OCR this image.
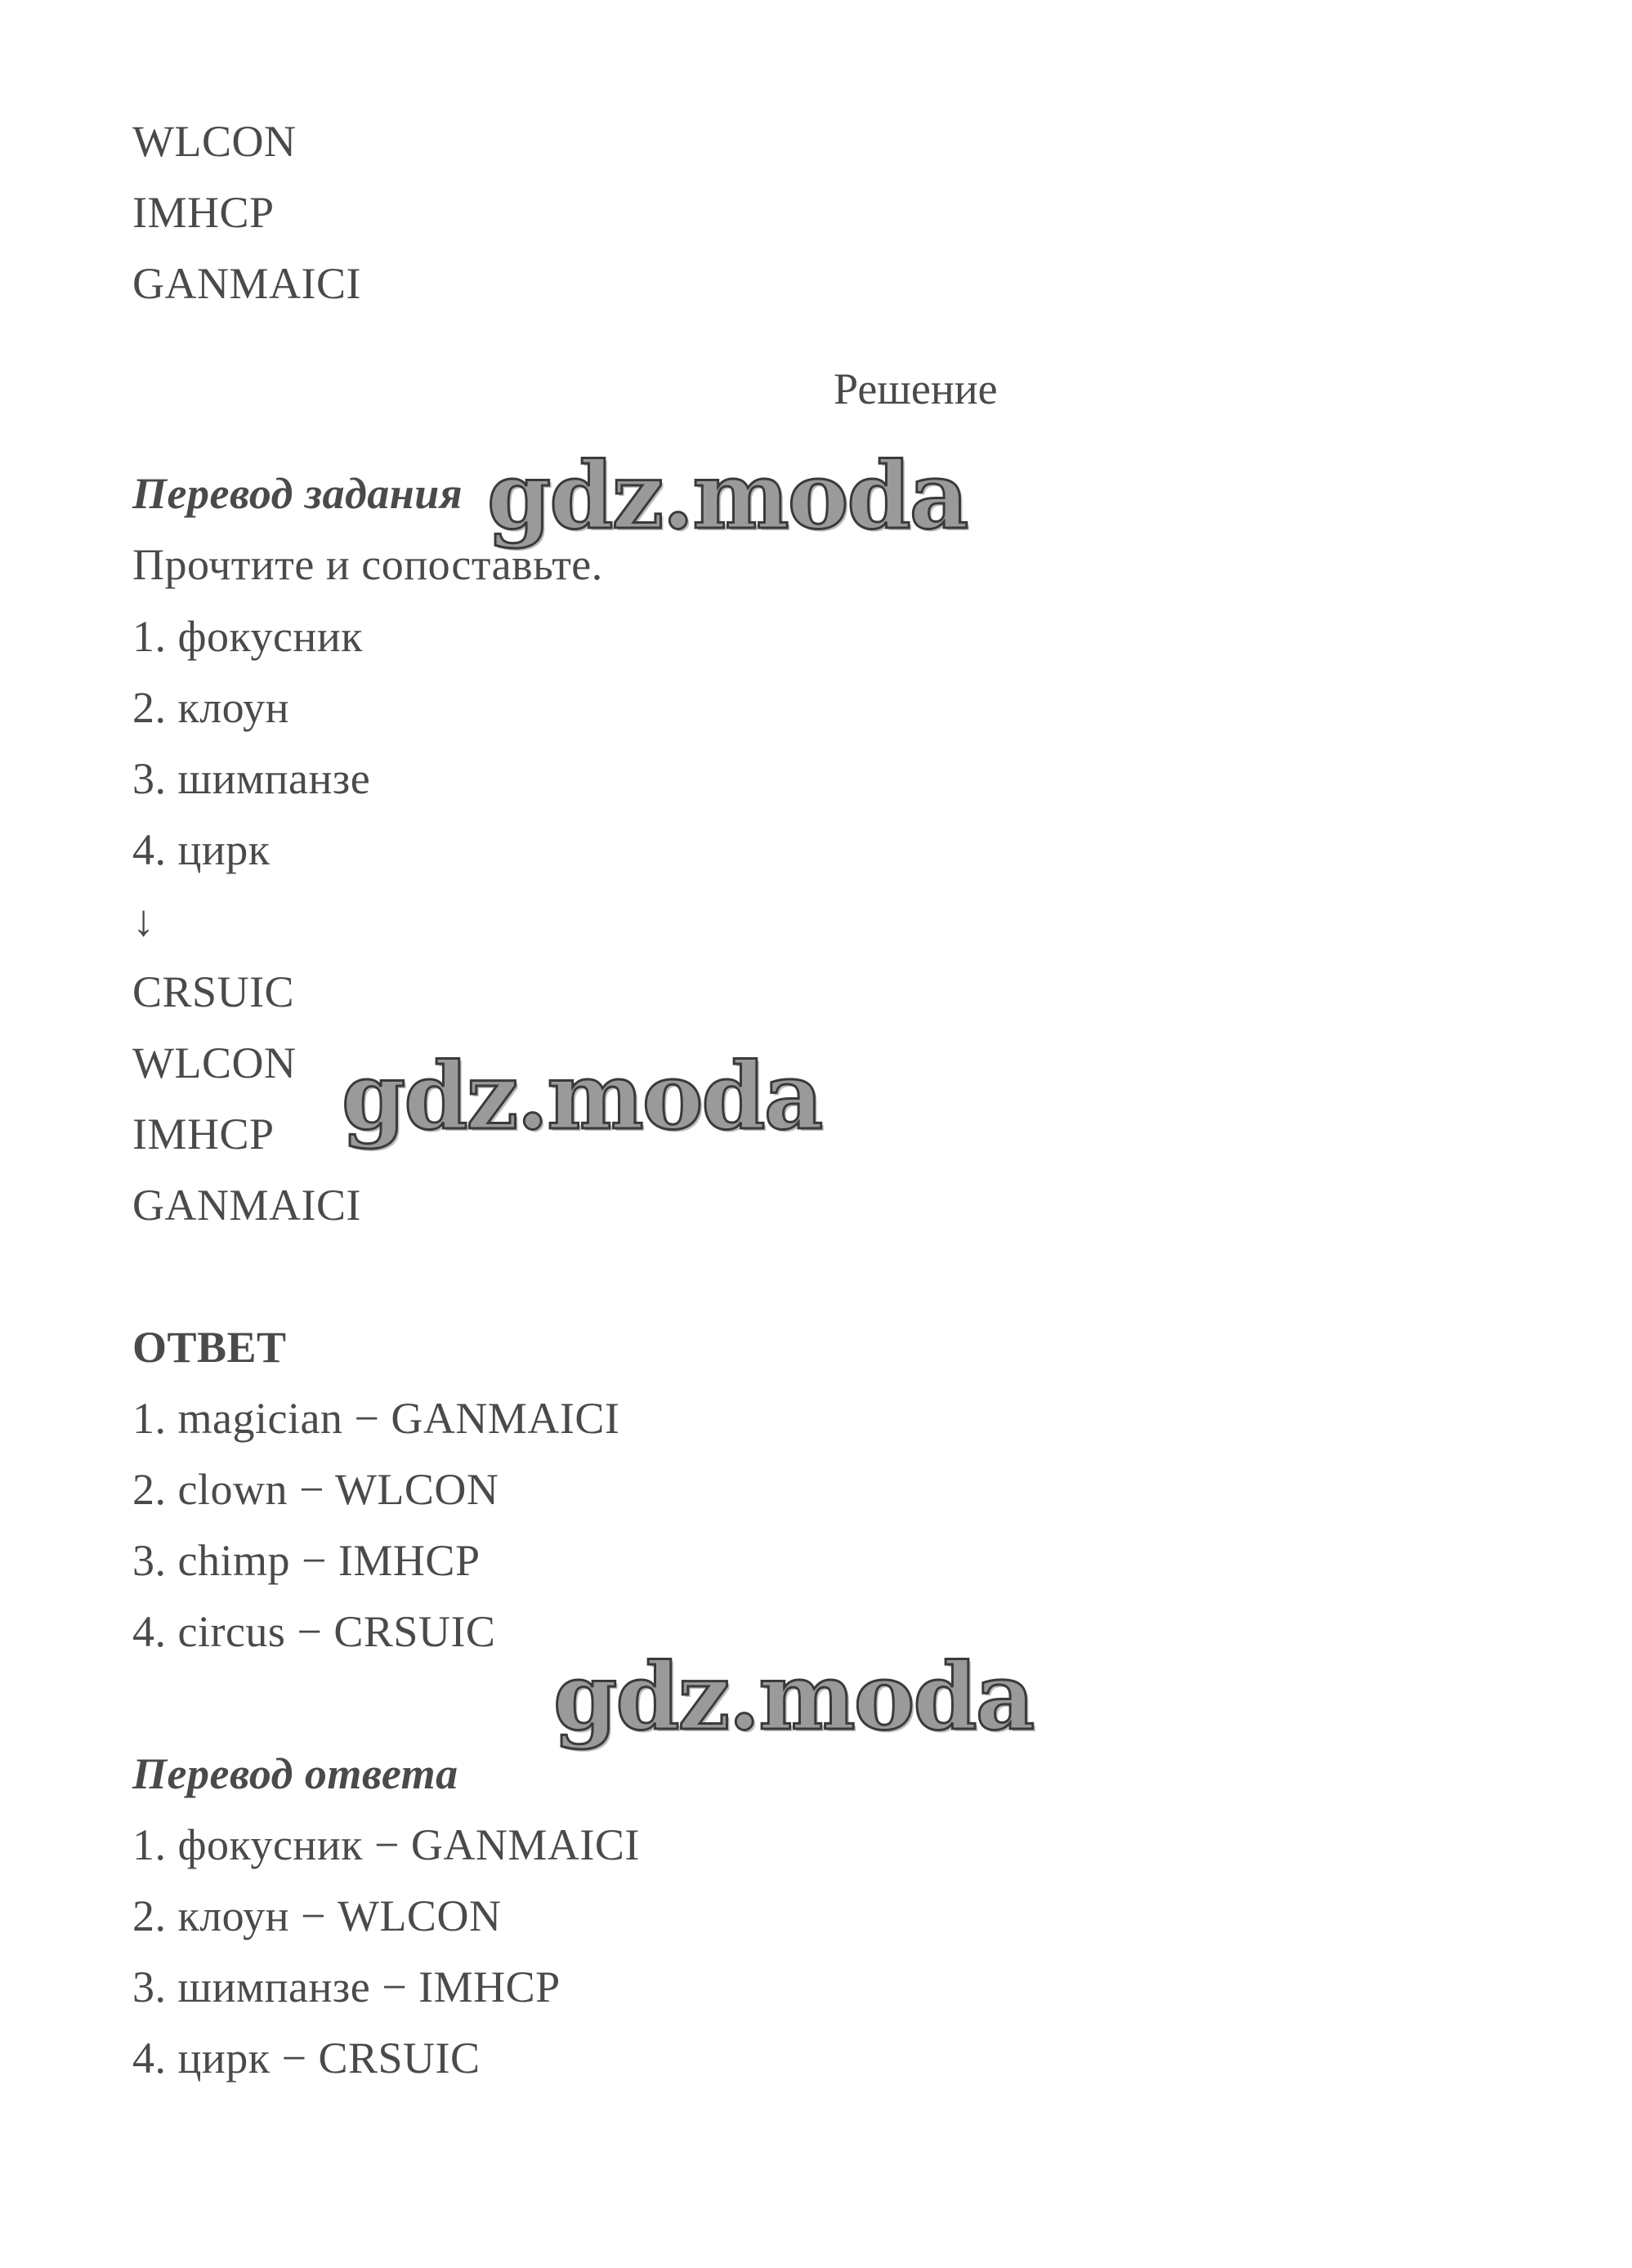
WLCON
IMHCP
GANMAICI
Решение
Перевод задания
Прочтите и сопоставьте.
1. фокусник
2. клоун
3. шимпанзе
4. цирк
↓
CRSUIC
WLCON
IMHCP
GANMAICI
ОТВЕТ
1. magician − GANMAICI
2. clown − WLCON
3. chimp − IMHCP
4. circus − CRSUIC
Перевод ответа
1. фокусник − GANMAICI
2. клоун − WLCON
3. шимпанзе − IMHCP
4. цирк − CRSUIC
gdz.moda
gdz.moda
gdz.moda
